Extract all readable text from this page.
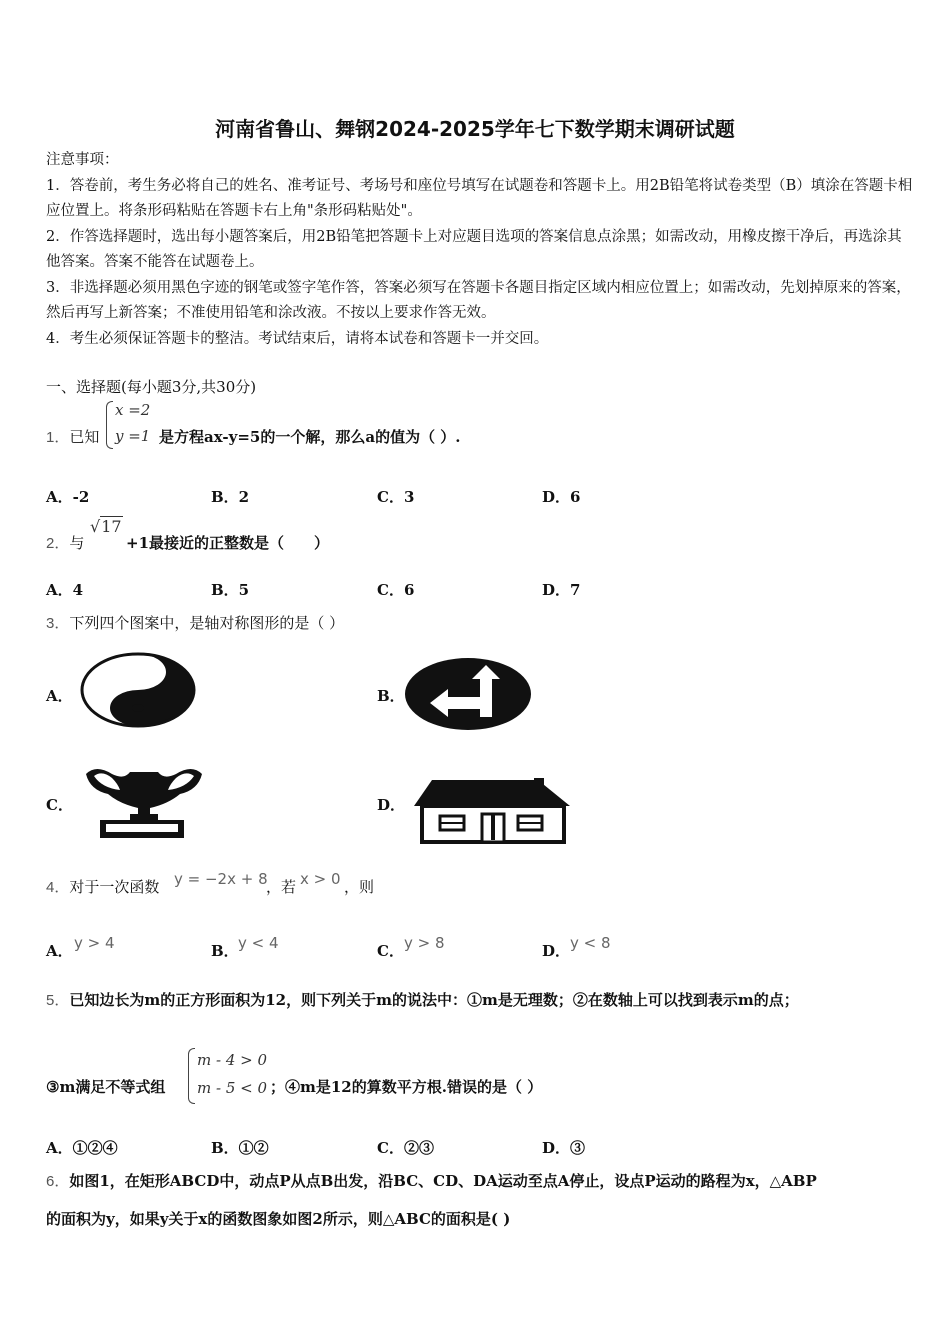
河南省鲁山、舞钢2024-2025学年七下数学期末调研试题

注意事项：

1．答卷前，考生务必将自己的姓名、准考证号、考场号和座位号填写在试题卷和答题卡上。用2B铅笔将试卷类型（B）填涂在答题卡相应位置上。将条形码粘贴在答题卡右上角"条形码粘贴处"。

2．作答选择题时，选出每小题答案后，用2B铅笔把答题卡上对应题目选项的答案信息点涂黑；如需改动，用橡皮擦干净后，再选涂其他答案。答案不能答在试题卷上。

3．非选择题必须用黑色字迹的钢笔或签字笔作答，答案必须写在答题卡各题目指定区域内相应位置上；如需改动，先划掉原来的答案，然后再写上新答案；不准使用铅笔和涂改液。不按以上要求作答无效。

4．考生必须保证答题卡的整洁。考试结束后，请将本试卷和答题卡一并交回。

一、选择题(每小题3分,共30分)
1．已知
x =2
y =1 是方程ax-y=5的一个解，那么a的值为（ ）.
A．-2	B．2	C．3	D．6
2．与
√17
+1最接近的正整数是（　　）
A．4	B．5	C．6	D．7
3．下列四个图案中，是轴对称图形的是（ ）
A．	B．
C．	D．
4．对于一次函数 y = −2x + 8
，若 x > 0 ，则
A． y > 4	B． y < 4	C． y > 8	D． y < 8
5．已知边长为m的正方形面积为12，则下列关于m的说法中：①m是无理数；②在数轴上可以找到表示m的点；
③m满足不等式组
m - 4 > 0
m - 5 < 0 ；④m是12的算数平方根.错误的是（ ）
A．①②④	B．①②	C．②③	D．③
6．如图1，在矩形ABCD中，动点P从点B出发，沿BC、CD、DA运动至点A停止，设点P运动的路程为x，△ABP
的面积为y，如果y关于x的函数图象如图2所示，则△ABC的面积是( )
